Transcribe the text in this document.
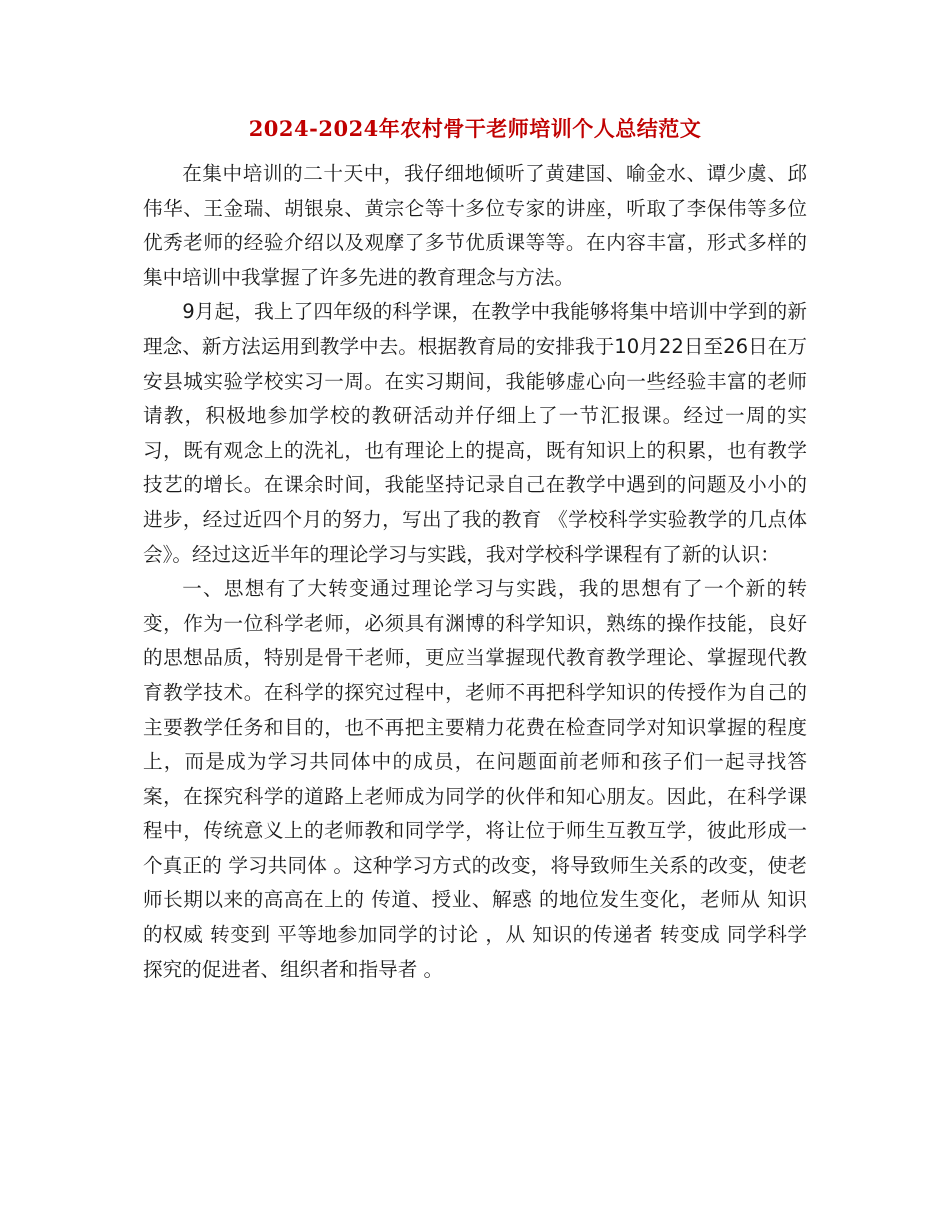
2024-2024年农村骨干老师培训个人总结范文

在集中培训的二十天中，我仔细地倾听了黄建国、喻金水、谭少虞、邱伟华、王金瑞、胡银泉、黄宗仑等十多位专家的讲座，听取了李保伟等多位优秀老师的经验介绍以及观摩了多节优质课等等。在内容丰富，形式多样的集中培训中我掌握了许多先进的教育理念与方法。

9月起，我上了四年级的科学课，在教学中我能够将集中培训中学到的新理念、新方法运用到教学中去。根据教育局的安排我于10月22日至26日在万安县城实验学校实习一周。在实习期间，我能够虚心向一些经验丰富的老师请教，积极地参加学校的教研活动并仔细上了一节汇报课。经过一周的实习，既有观念上的洗礼，也有理论上的提高，既有知识上的积累，也有教学技艺的增长。在课余时间，我能坚持记录自己在教学中遇到的问题及小小的进步，经过近四个月的努力，写出了我的教育 《学校科学实验教学的几点体会》。经过这近半年的理论学习与实践，我对学校科学课程有了新的认识：

一、思想有了大转变通过理论学习与实践，我的思想有了一个新的转变，作为一位科学老师，必须具有渊博的科学知识，熟练的操作技能，良好的思想品质，特别是骨干老师，更应当掌握现代教育教学理论、掌握现代教育教学技术。在科学的探究过程中，老师不再把科学知识的传授作为自己的主要教学任务和目的，也不再把主要精力花费在检查同学对知识掌握的程度上，而是成为学习共同体中的成员，在问题面前老师和孩子们一起寻找答案，在探究科学的道路上老师成为同学的伙伴和知心朋友。因此，在科学课程中，传统意义上的老师教和同学学，将让位于师生互教互学，彼此形成一个真正的 学习共同体 。这种学习方式的改变，将导致师生关系的改变，使老师长期以来的高高在上的 传道、授业、解惑 的地位发生变化，老师从 知识的权威 转变到 平等地参加同学的讨论 ，从 知识的传递者 转变成 同学科学探究的促进者、组织者和指导者 。
